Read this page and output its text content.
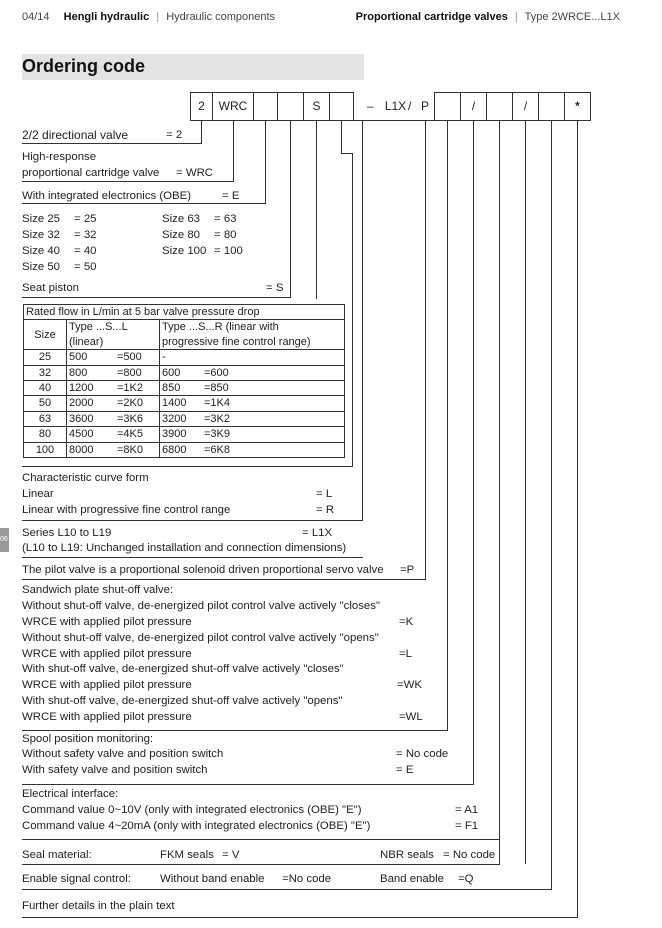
04/14 Hengli hydraulic | Hydraulic components	Proportional cartridge valves | Type 2WRCE...L1X
Ordering code
06
2	WRC	S	– L1X / P	/	/	*
2/2 directional valve	= 2
High-response
proportional cartridge valve = WRC
With integrated electronics (OBE)	= E
Size 25 = 25	Size 63 = 63
Size 32 = 32	Size 80 = 80
Size 40 = 40	Size 100 = 100
Size 50 = 50
Seat piston	= S
Rated flow in L/min at 5 bar valve pressure drop				
Size	Type ...S...L		Type ...S...R (linear with	
	(linear)		progressive fine control range)	
25	500	=500	-	
32	800	=800	600	=600
40	1200	=1K2	850	=850
50	2000	=2K0	1400	=1K4
63	3600	=3K6	3200	=3K2
80	4500	=4K5	3900	=3K9
100	8000	=8K0	6800	=6K8
Characteristic curve form
Linear	= L
Linear with progressive fine control range	= R
Series L10 to L19	= L1X
(L10 to L19: Unchanged installation and connection dimensions)
The pilot valve is a proportional solenoid driven proportional servo valve =P
Sandwich plate shut-off valve:
Without shut-off valve, de-energized pilot control valve actively "closes"
WRCE with applied pilot pressure	=K
Without shut-off valve, de-energized pilot control valve actively "opens"
WRCE with applied pilot pressure	=L
With shut-off valve, de-energized shut-off valve actively "closes"
WRCE with applied pilot pressure	=WK
With shut-off valve, de-energized shut-off valve actively "opens"
WRCE with applied pilot pressure	=WL
Spool position monitoring:
Without safety valve and position switch	= No code
With safety valve and position switch	= E
Electrical interface:
Command value 0~10V (only with integrated electronics (OBE) "E")	= A1
Command value 4~20mA (only with integrated electronics (OBE) "E")	= F1
Seal material:	FKM seals = V	NBR seals = No code
Enable signal control:	Without band enable =No code	Band enable =Q
Further details in the plain text
